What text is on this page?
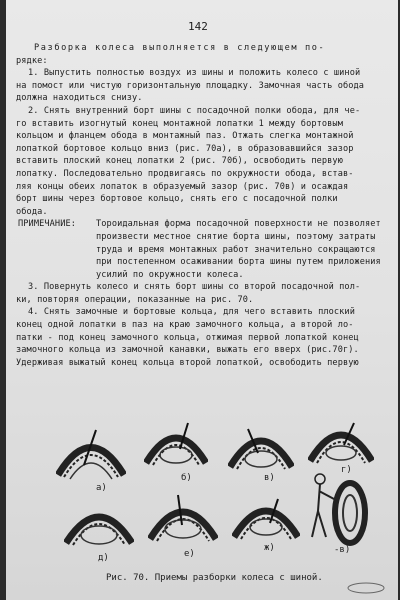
142
Разборка колеса выполняется в следующем по-
рядке:
1. Выпустить полностью воздух из шины и положить колесо с шиной
на помост или чистую горизонтальную площадку. Замочная часть обода
должна находиться снизу.
2. Снять внутренний борт шины с посадочной полки обода, для че-
го вставить изогнутый конец монтажной лопатки 1 между бортовым
кольцом и фланцем обода в монтажный паз. Отжать слегка монтажной
лопаткой бортовое кольцо вниз (рис. 70а), в образовавшийся зазор
вставить плоский конец лопатки 2 (рис. 70б), освободить первую
лопатку. Последовательно продвигаясь по окружности обода, встав-
ляя концы обеих лопаток в образуемый зазор (рис. 70в) и осаждая
борт шины через бортовое кольцо, снять его с посадочной полки
обода.
ПРИМЕЧАНИЕ: Тороидальная форма посадочной поверхности не позволяет
произвести местное снятие борта шины, поэтому затраты
труда и время монтажных работ значительно сокращаются
при постепенном осаживании борта шины путем приложения
усилий по окружности колеса.
3. Повернуть колесо и снять борт шины со второй посадочной пол-
ки, повторяя операции, показанные на рис. 70.
4. Снять замочные и бортовые кольца, для чего вставить плоский
конец одной лопатки в паз на краю замочного кольца, а второй ло-
патки - под конец замочного кольца, отжимая первой лопаткой конец
замочного кольца из замочной канавки, выжать его вверх (рис.70г).
Удерживая выжатый конец кольца второй лопаткой, освободить первую
а)
б)	в)
г)
д)	е)
ж)	-в)
Рис. 70. Приемы разборки колеса с шиной.
